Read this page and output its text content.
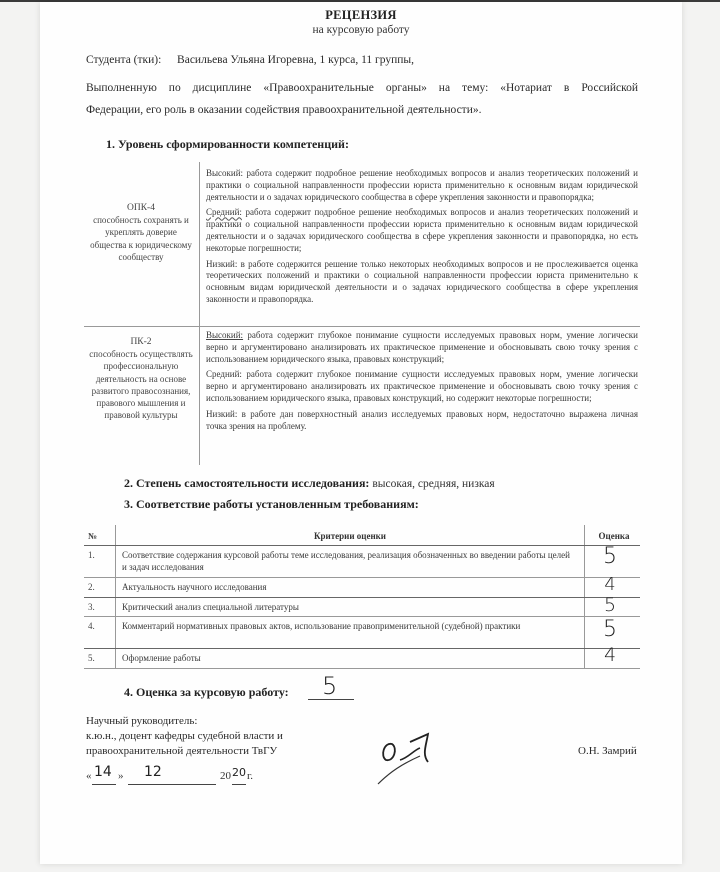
РЕЦЕНЗИЯ
на курсовую работу
Студента (тки): Васильева Ульяна Игоревна, 1 курса, 11 группы,
Выполненную по дисциплине «Правоохранительные органы» на тему: «Нотариат в Российской
Федерации, его роль в оказании содействия правоохранительной деятельности».
1. Уровень сформированности компетенций:
ОПК-4
способность сохранять и укреплять доверие общества к юридическому сообществу

Высокий: работа содержит подробное решение необходимых вопросов и анализ теоретических положений и практики о социальной направленности профессии юриста применительно к основным видам юридической деятельности и о задачах юридического сообщества в сфере укрепления законности и правопорядка;

Средний: работа содержит подробное решение необходимых вопросов и анализ теоретических положений и практики о социальной направленности профессии юриста применительно к основным видам юридической деятельности и о задачах юридического сообщества в сфере укрепления законности и правопорядка, но есть некоторые погрешности;

Низкий: в работе содержится решение только некоторых необходимых вопросов и не прослеживается оценка теоретических положений и практики о социальной направленности профессии юриста применительно к основным видам юридической деятельности и о задачах юридического сообщества в сфере укрепления законности и правопорядка.

ПК-2
способность осуществлять профессиональную деятельность на основе развитого правосознания, правового мышления и правовой культуры

Высокий: работа содержит глубокое понимание сущности исследуемых правовых норм, умение логически верно и аргументировано анализировать их практическое применение и обосновывать свою точку зрения с использованием юридического языка, правовых конструкций;

Средний: работа содержит глубокое понимание сущности исследуемых правовых норм, умение логически верно и аргументировано анализировать их практическое применение и обосновывать свою точку зрения с использованием юридического языка, правовых конструкций, но содержит некоторые погрешности;

Низкий: в работе дан поверхностный анализ исследуемых правовых норм, недостаточно выражена личная точка зрения на проблему.

2. Степень самостоятельности исследования: высокая, средняя, низкая
3. Соответствие работы установленным требованиям:
№	Критерии оценки	Оценка
1.	Соответствие содержания курсовой работы теме исследования, реализация обозначенных во введении работы целей и задач исследования	5
2.	Актуальность научного исследования	4
3.	Критический анализ специальной литературы	5
4.	Комментарий нормативных правовых актов, использование правоприменительной (судебной) практики	5
5.	Оформление работы	4
4. Оценка за курсовую работу: 5
Научный руководитель:
к.ю.н., доцент кафедры судебной власти и
правоохранительной деятельности ТвГУ	О.Н. Замрий
« 14 » 12	20 20 г.
